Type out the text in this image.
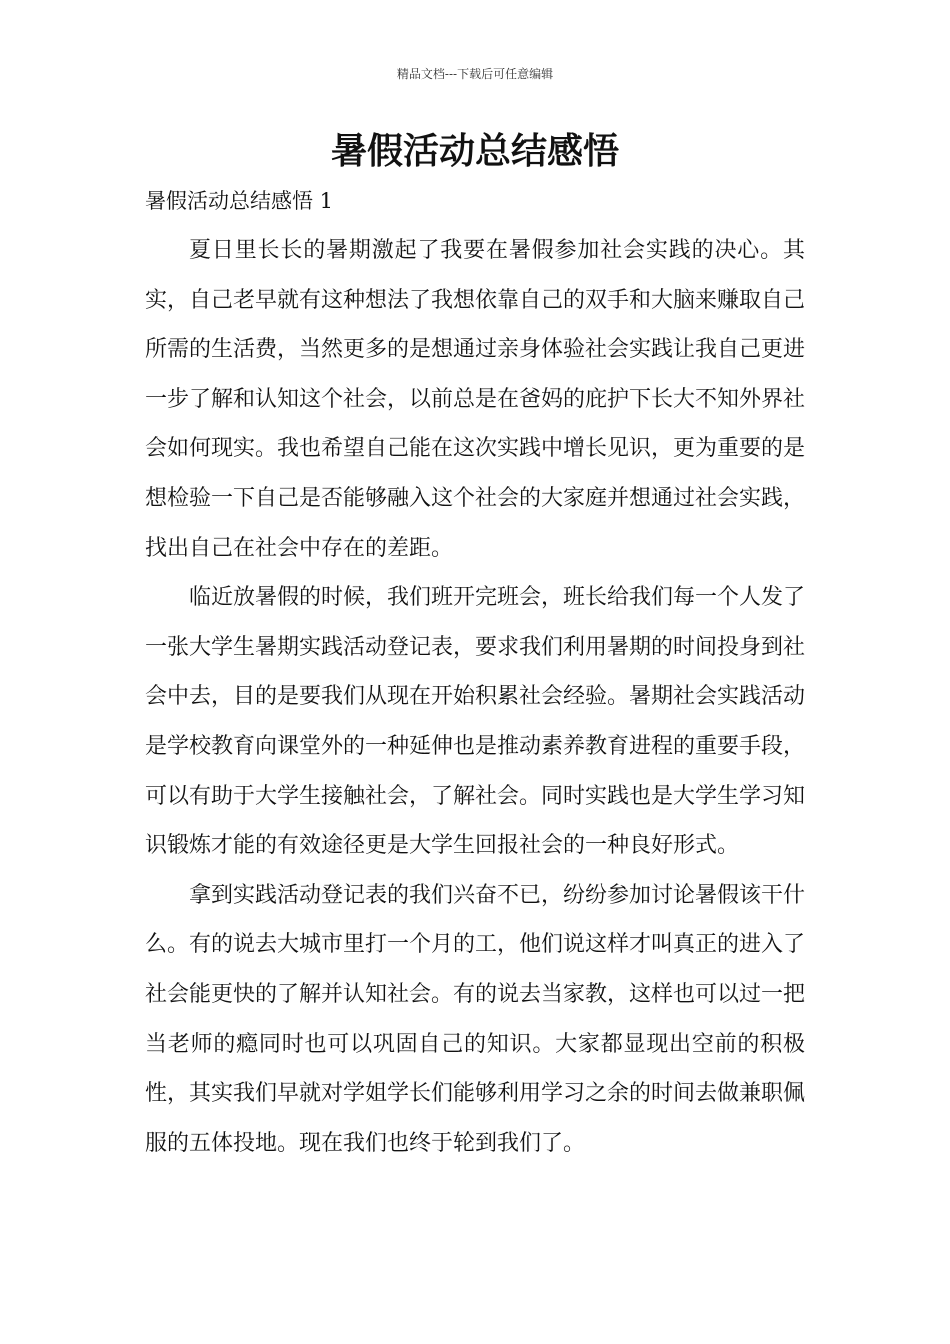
精品文档---下载后可任意编辑
暑假活动总结感悟
暑假活动总结感悟 1

夏日里长长的暑期激起了我要在暑假参加社会实践的决心。其实，自己老早就有这种想法了我想依靠自己的双手和大脑来赚取自己所需的生活费，当然更多的是想通过亲身体验社会实践让我自己更进一步了解和认知这个社会，以前总是在爸妈的庇护下长大不知外界社会如何现实。我也希望自己能在这次实践中增长见识，更为重要的是想检验一下自己是否能够融入这个社会的大家庭并想通过社会实践，找出自己在社会中存在的差距。

临近放暑假的时候，我们班开完班会，班长给我们每一个人发了一张大学生暑期实践活动登记表，要求我们利用暑期的时间投身到社会中去，目的是要我们从现在开始积累社会经验。暑期社会实践活动是学校教育向课堂外的一种延伸也是推动素养教育进程的重要手段，可以有助于大学生接触社会，了解社会。同时实践也是大学生学习知识锻炼才能的有效途径更是大学生回报社会的一种良好形式。

拿到实践活动登记表的我们兴奋不已，纷纷参加讨论暑假该干什么。有的说去大城市里打一个月的工，他们说这样才叫真正的进入了社会能更快的了解并认知社会。有的说去当家教，这样也可以过一把当老师的瘾同时也可以巩固自己的知识。大家都显现出空前的积极性，其实我们早就对学姐学长们能够利用学习之余的时间去做兼职佩服的五体投地。现在我们也终于轮到我们了。
